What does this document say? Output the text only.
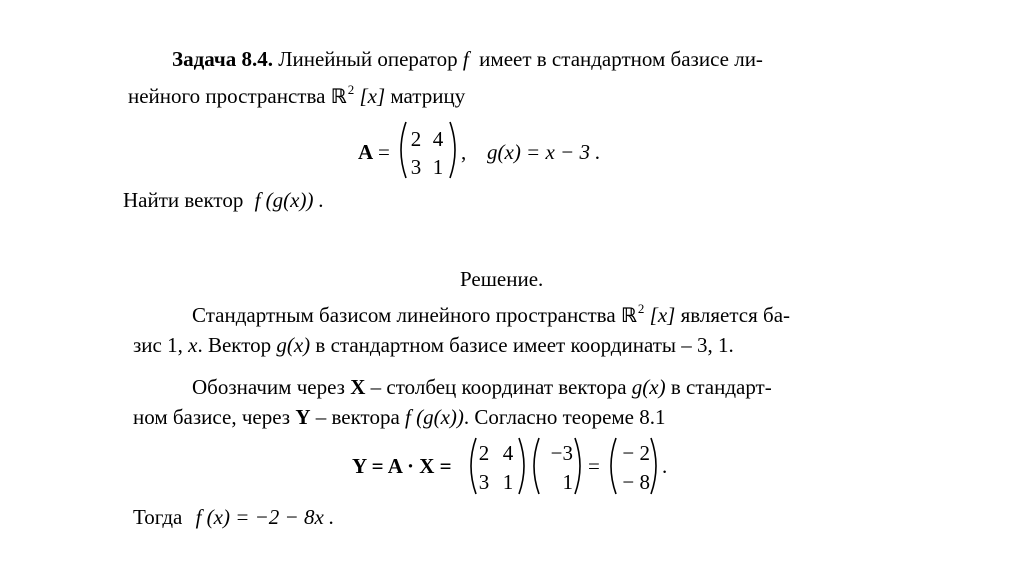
Задача 8.4. Линейный оператор f имеет в стандартном базисе ли-
нейного пространства ℝ$^2$ [x] матрицу
A =
2 4
3 1
, g(x) = x − 3 .
Найти вектор f (g(x)) .
Решение.
Стандартным базисом линейного пространства ℝ$^2$ [x] является ба-
зис 1, x. Вектор g(x) в стандартном базисе имеет координаты – 3, 1.
Обозначим через X – столбец координат вектора g(x) в стандарт-
ном базисе, через Y – вектора f (g(x)). Согласно теореме 8.1
Y = A · X =
2 4
3 1
−3
1
=
− 2
− 8
.
Тогда f (x) = −2 − 8x .
